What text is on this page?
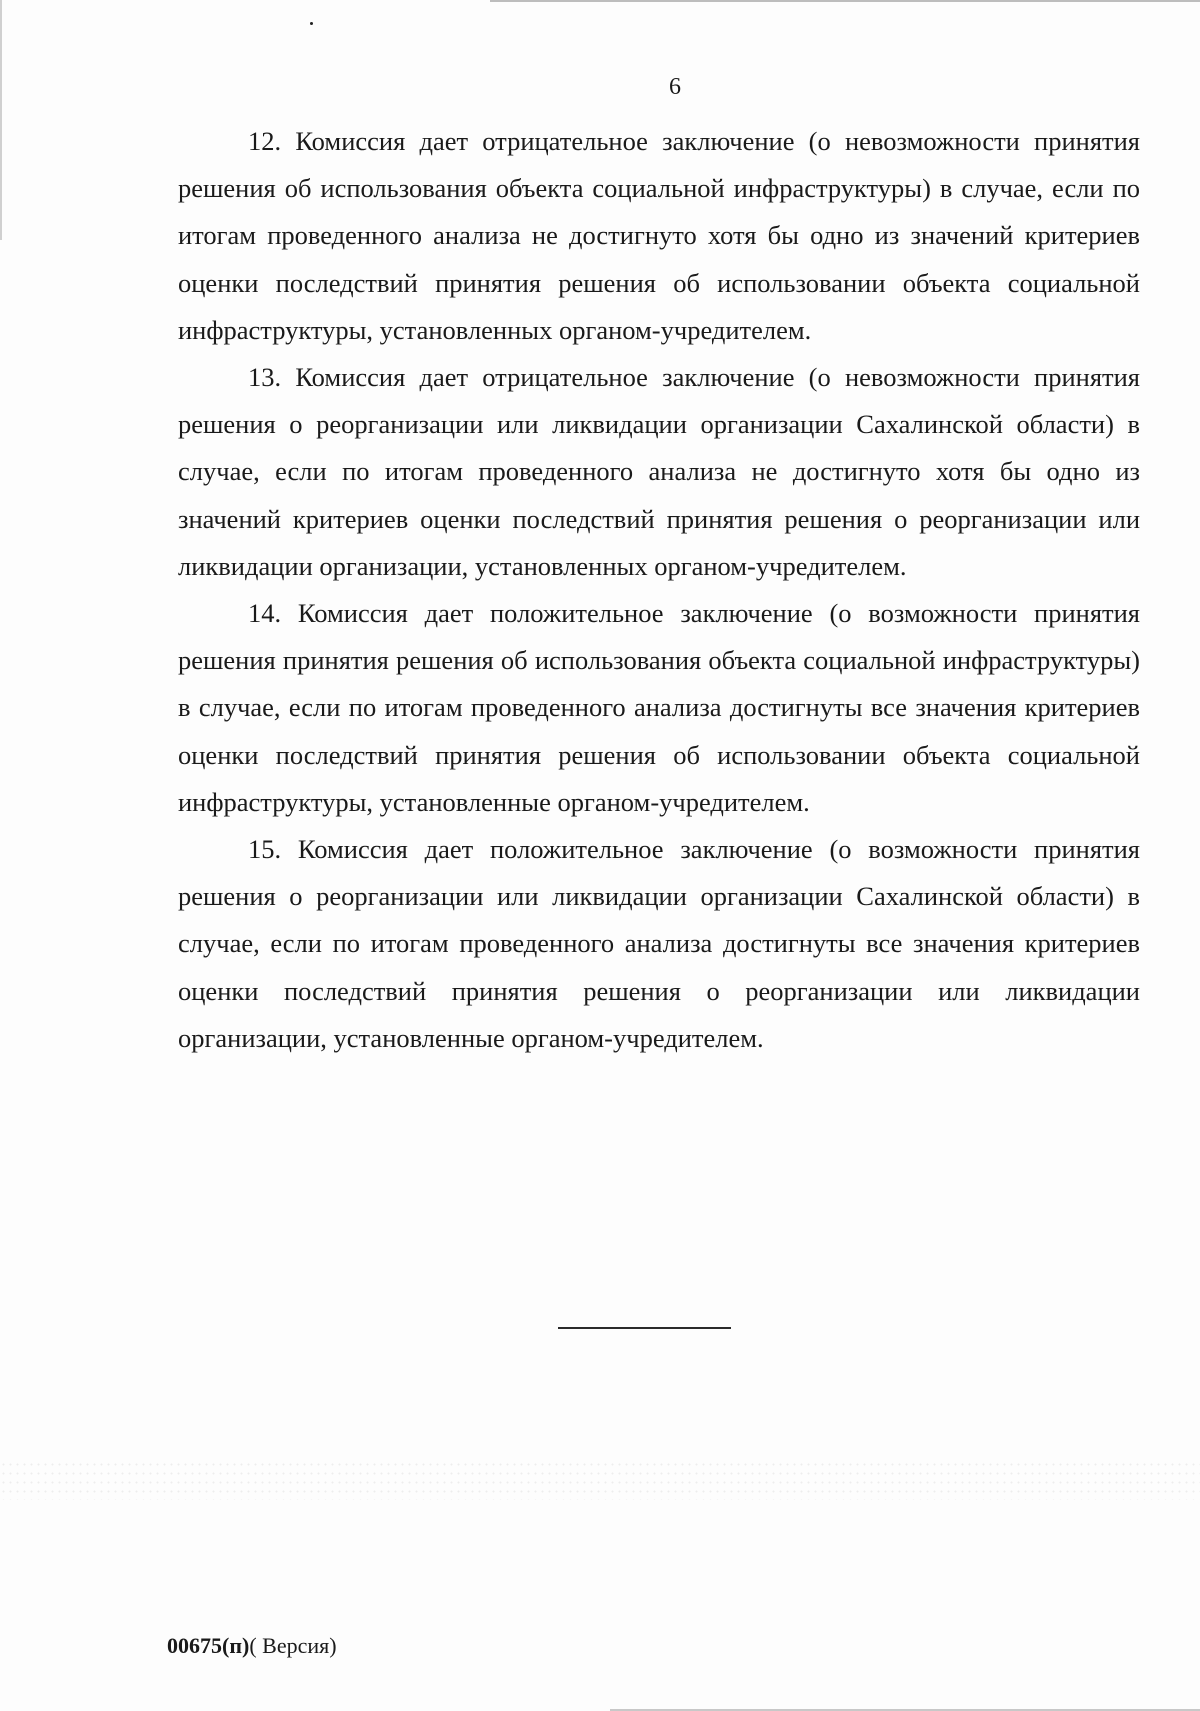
6

12. Комиссия дает отрицательное заключение (о невозможности принятия решения об использования объекта социальной инфраструктуры) в случае, если по итогам проведенного анализа не достигнуто хотя бы одно из значений критериев оценки последствий принятия решения об использовании объекта социальной инфраструктуры, установленных органом-учредителем.

13. Комиссия дает отрицательное заключение (о невозможности принятия решения о реорганизации или ликвидации организации Сахалинской области) в случае, если по итогам проведенного анализа не достигнуто хотя бы одно из значений критериев оценки последствий принятия решения о реорганизации или ликвидации организации, установленных органом-учредителем.

14. Комиссия дает положительное заключение (о возможности принятия решения принятия решения об использования объекта социальной инфраструктуры) в случае, если по итогам проведенного анализа достигнуты все значения критериев оценки последствий принятия решения об использовании объекта социальной инфраструктуры, установленные органом-учредителем.

15. Комиссия дает положительное заключение (о возможности принятия решения о реорганизации или ликвидации организации Сахалинской области) в случае, если по итогам проведенного анализа достигнуты все значения критериев оценки последствий принятия решения о реорганизации или ликвидации организации, установленные органом-учредителем.

00675(п)( Версия)
